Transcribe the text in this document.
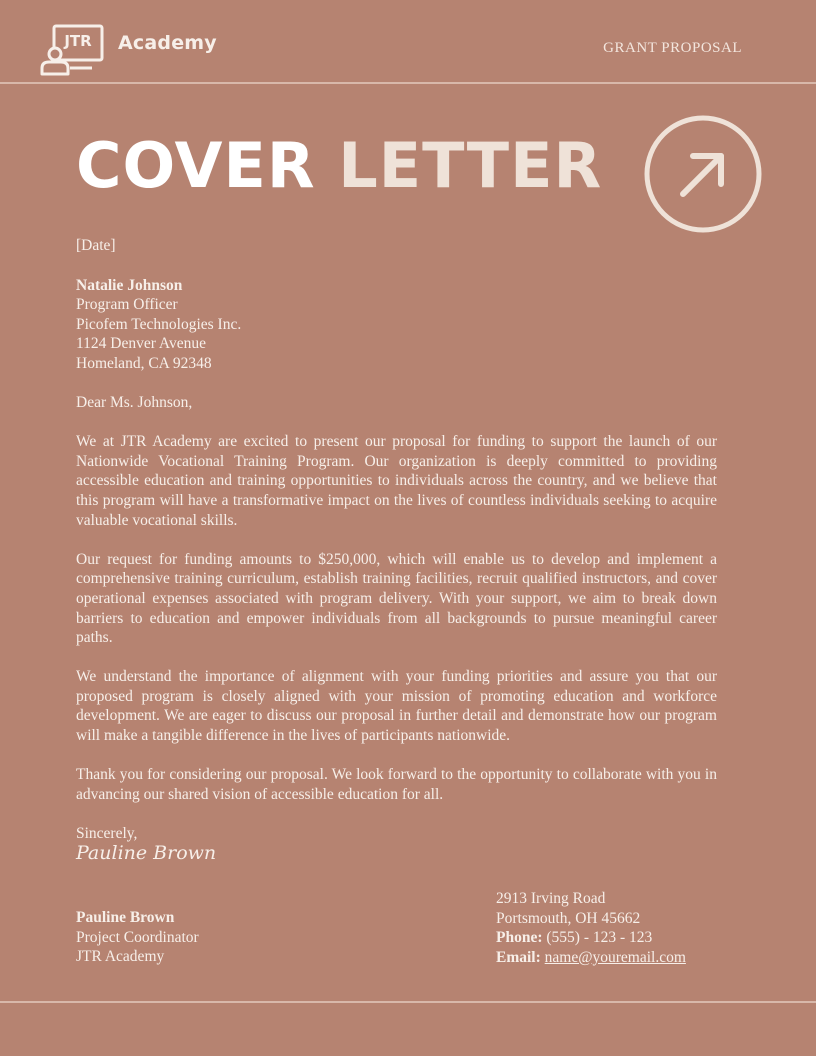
JTR Academy	GRANT PROPOSAL
COVER LETTER

[Date]

Natalie Johnson

Program Officer

Picofem Technologies Inc.

1124 Denver Avenue

Homeland, CA 92348

Dear Ms. Johnson,

We at JTR Academy are excited to present our proposal for funding to support the launch of our Nationwide Vocational Training Program. Our organization is deeply committed to providing accessible education and training opportunities to individuals across the country, and we believe that this program will have a transformative impact on the lives of countless individuals seeking to acquire valuable vocational skills.

Our request for funding amounts to $250,000, which will enable us to develop and implement a comprehensive training curriculum, establish training facilities, recruit qualified instructors, and cover operational expenses associated with program delivery. With your support, we aim to break down barriers to education and empower individuals from all backgrounds to pursue meaningful career paths.

We understand the importance of alignment with your funding priorities and assure you that our proposed program is closely aligned with your mission of promoting education and workforce development. We are eager to discuss our proposal in further detail and demonstrate how our program will make a tangible difference in the lives of participants nationwide.

Thank you for considering our proposal. We look forward to the opportunity to collaborate with you in advancing our shared vision of accessible education for all.

Sincerely,

Pauline Brown

Pauline Brown
Project Coordinator
JTR Academy
2913 Irving Road
Portsmouth, OH 45662
Phone: (555) - 123 - 123
Email: name@youremail.com
